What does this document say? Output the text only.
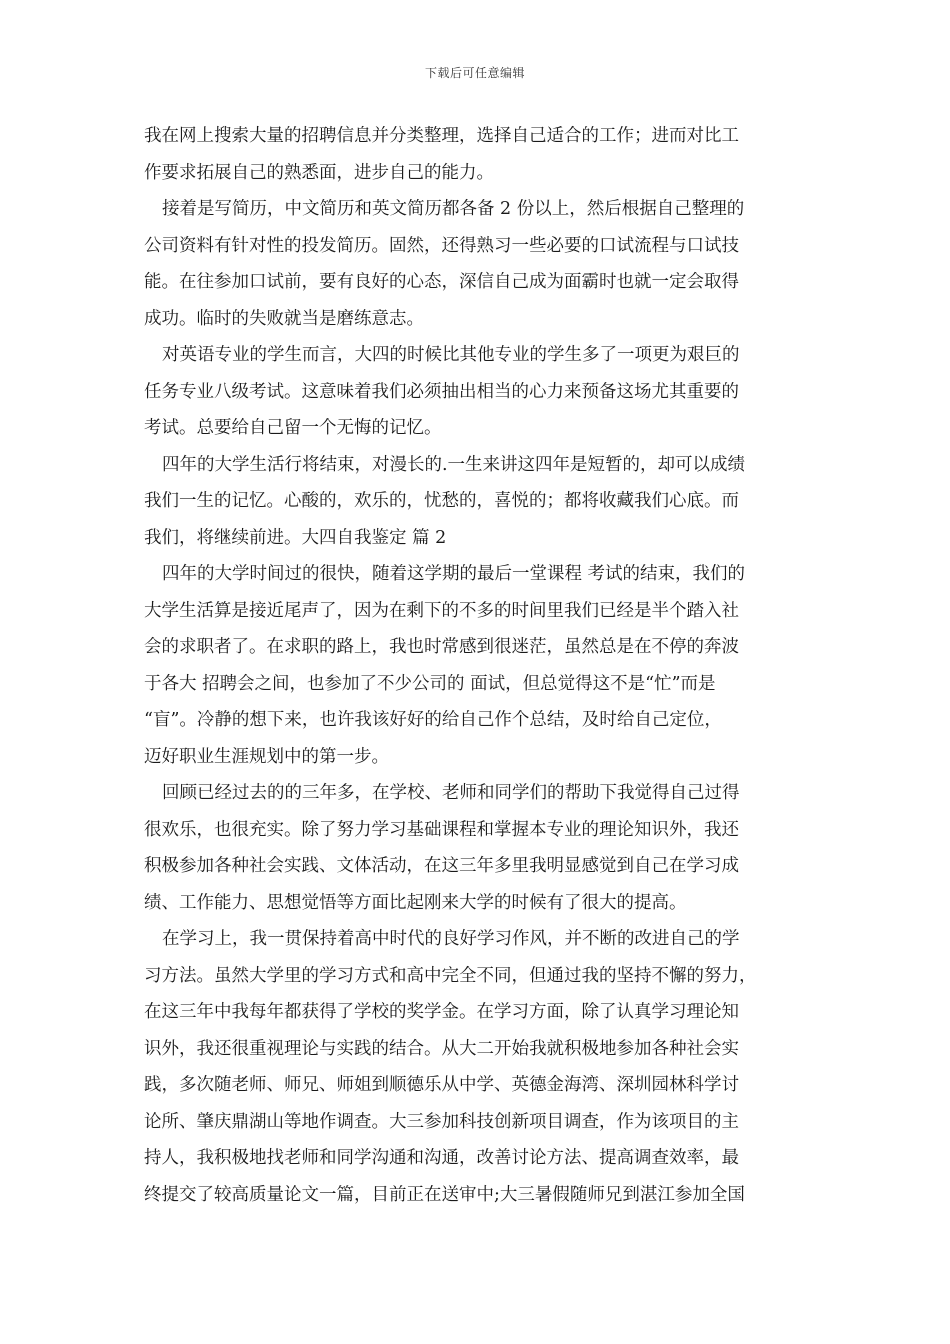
下载后可任意编辑
我在网上搜索大量的招聘信息并分类整理，选择自己适合的工作；进而对比工
作要求拓展自己的熟悉面，进步自己的能力。
接着是写简历，中文简历和英文简历都各备 2 份以上，然后根据自己整理的
公司资料有针对性的投发简历。固然，还得熟习一些必要的口试流程与口试技
能。在往参加口试前，要有良好的心态，深信自己成为面霸时也就一定会取得
成功。临时的失败就当是磨练意志。
对英语专业的学生而言，大四的时候比其他专业的学生多了一项更为艰巨的
任务专业八级考试。这意味着我们必须抽出相当的心力来预备这场尤其重要的
考试。总要给自己留一个无悔的记忆。
四年的大学生活行将结束，对漫长的.一生来讲这四年是短暂的，却可以成绩
我们一生的记忆。心酸的，欢乐的，忧愁的，喜悦的；都将收藏我们心底。而
我们，将继续前进。大四自我鉴定 篇 2
四年的大学时间过的很快，随着这学期的最后一堂课程 考试的结束，我们的
大学生活算是接近尾声了，因为在剩下的不多的时间里我们已经是半个踏入社
会的求职者了。在求职的路上，我也时常感到很迷茫，虽然总是在不停的奔波
于各大 招聘会之间，也参加了不少公司的 面试，但总觉得这不是“忙”而是
“盲”。冷静的想下来，也许我该好好的给自己作个总结，及时给自己定位，
迈好职业生涯规划中的第一步。
回顾已经过去的的三年多，在学校、老师和同学们的帮助下我觉得自己过得
很欢乐，也很充实。除了努力学习基础课程和掌握本专业的理论知识外，我还
积极参加各种社会实践、文体活动，在这三年多里我明显感觉到自己在学习成
绩、工作能力、思想觉悟等方面比起刚来大学的时候有了很大的提高。
在学习上，我一贯保持着高中时代的良好学习作风，并不断的改进自己的学
习方法。虽然大学里的学习方式和高中完全不同，但通过我的坚持不懈的努力，
在这三年中我每年都获得了学校的奖学金。在学习方面，除了认真学习理论知
识外，我还很重视理论与实践的结合。从大二开始我就积极地参加各种社会实
践，多次随老师、师兄、师姐到顺德乐从中学、英德金海湾、深圳园林科学讨
论所、肇庆鼎湖山等地作调查。大三参加科技创新项目调查，作为该项目的主
持人，我积极地找老师和同学沟通和沟通，改善讨论方法、提高调查效率，最
终提交了较高质量论文一篇，目前正在送审中;大三暑假随师兄到湛江参加全国
